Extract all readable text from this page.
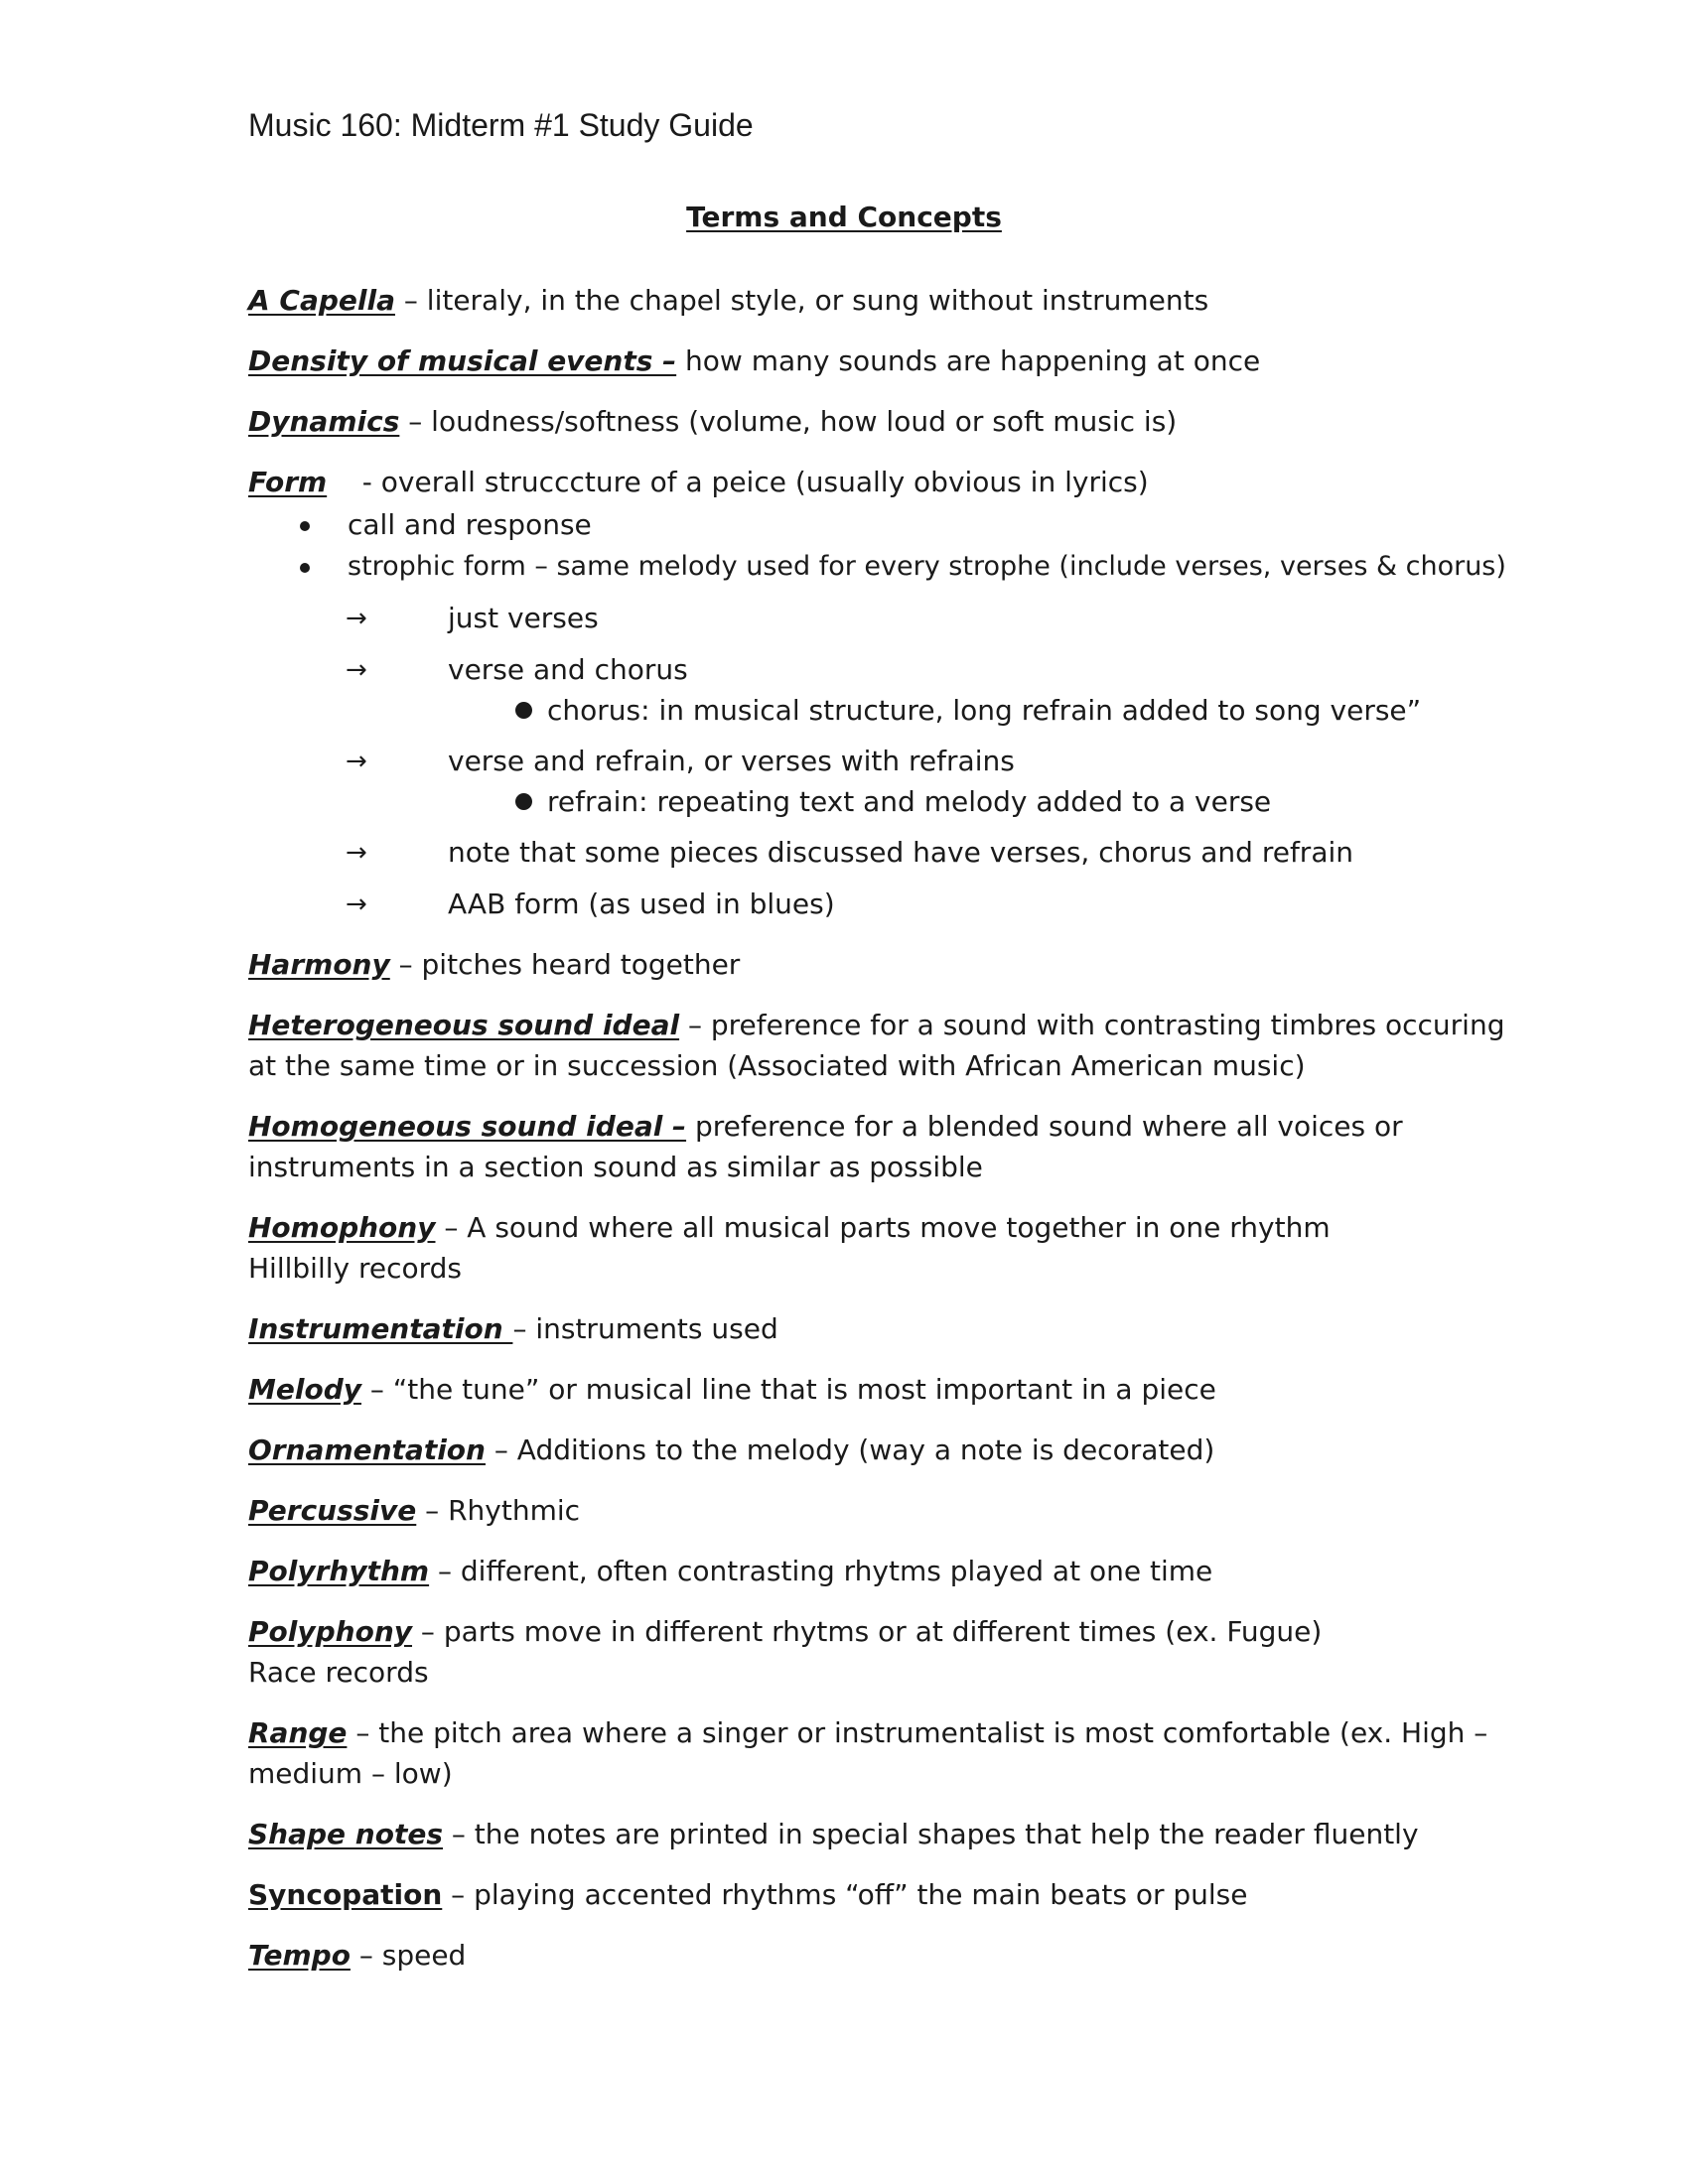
Music 160: Midterm #1 Study Guide
Terms and Concepts
A Capella – literaly, in the chapel style, or sung without instruments
Density of musical events – how many sounds are happening at once
Dynamics – loudness/softness (volume, how loud or soft music is)
Form    - overall strucccture of a peice (usually obvious in lyrics)
call and response
strophic form – same melody used for every strophe (include verses, verses & chorus)
→	just verses
→	verse and chorus
chorus: in musical structure, long refrain added to song verse”
→	verse and refrain, or verses with refrains
refrain: repeating text and melody added to a verse
→	note that some pieces discussed have verses, chorus and refrain
→	AAB form (as used in blues)
Harmony – pitches heard together
Heterogeneous sound ideal – preference for a sound with contrasting timbres occuring
at the same time or in succession (Associated with African American music)
Homogeneous sound ideal – preference for a blended sound where all voices or
instruments in a section sound as similar as possible
Homophony – A sound where all musical parts move together in one rhythm
Hillbilly records
Instrumentation – instruments used
Melody – “the tune” or musical line that is most important in a piece
Ornamentation – Additions to the melody (way a note is decorated)
Percussive – Rhythmic
Polyrhythm – different, often contrasting rhytms played at one time
Polyphony – parts move in different rhytms or at different times (ex. Fugue)
Race records
Range – the pitch area where a singer or instrumentalist is most comfortable (ex. High –
medium – low)
Shape notes – the notes are printed in special shapes that help the reader fluently
Syncopation – playing accented rhythms “off” the main beats or pulse
Tempo – speed
